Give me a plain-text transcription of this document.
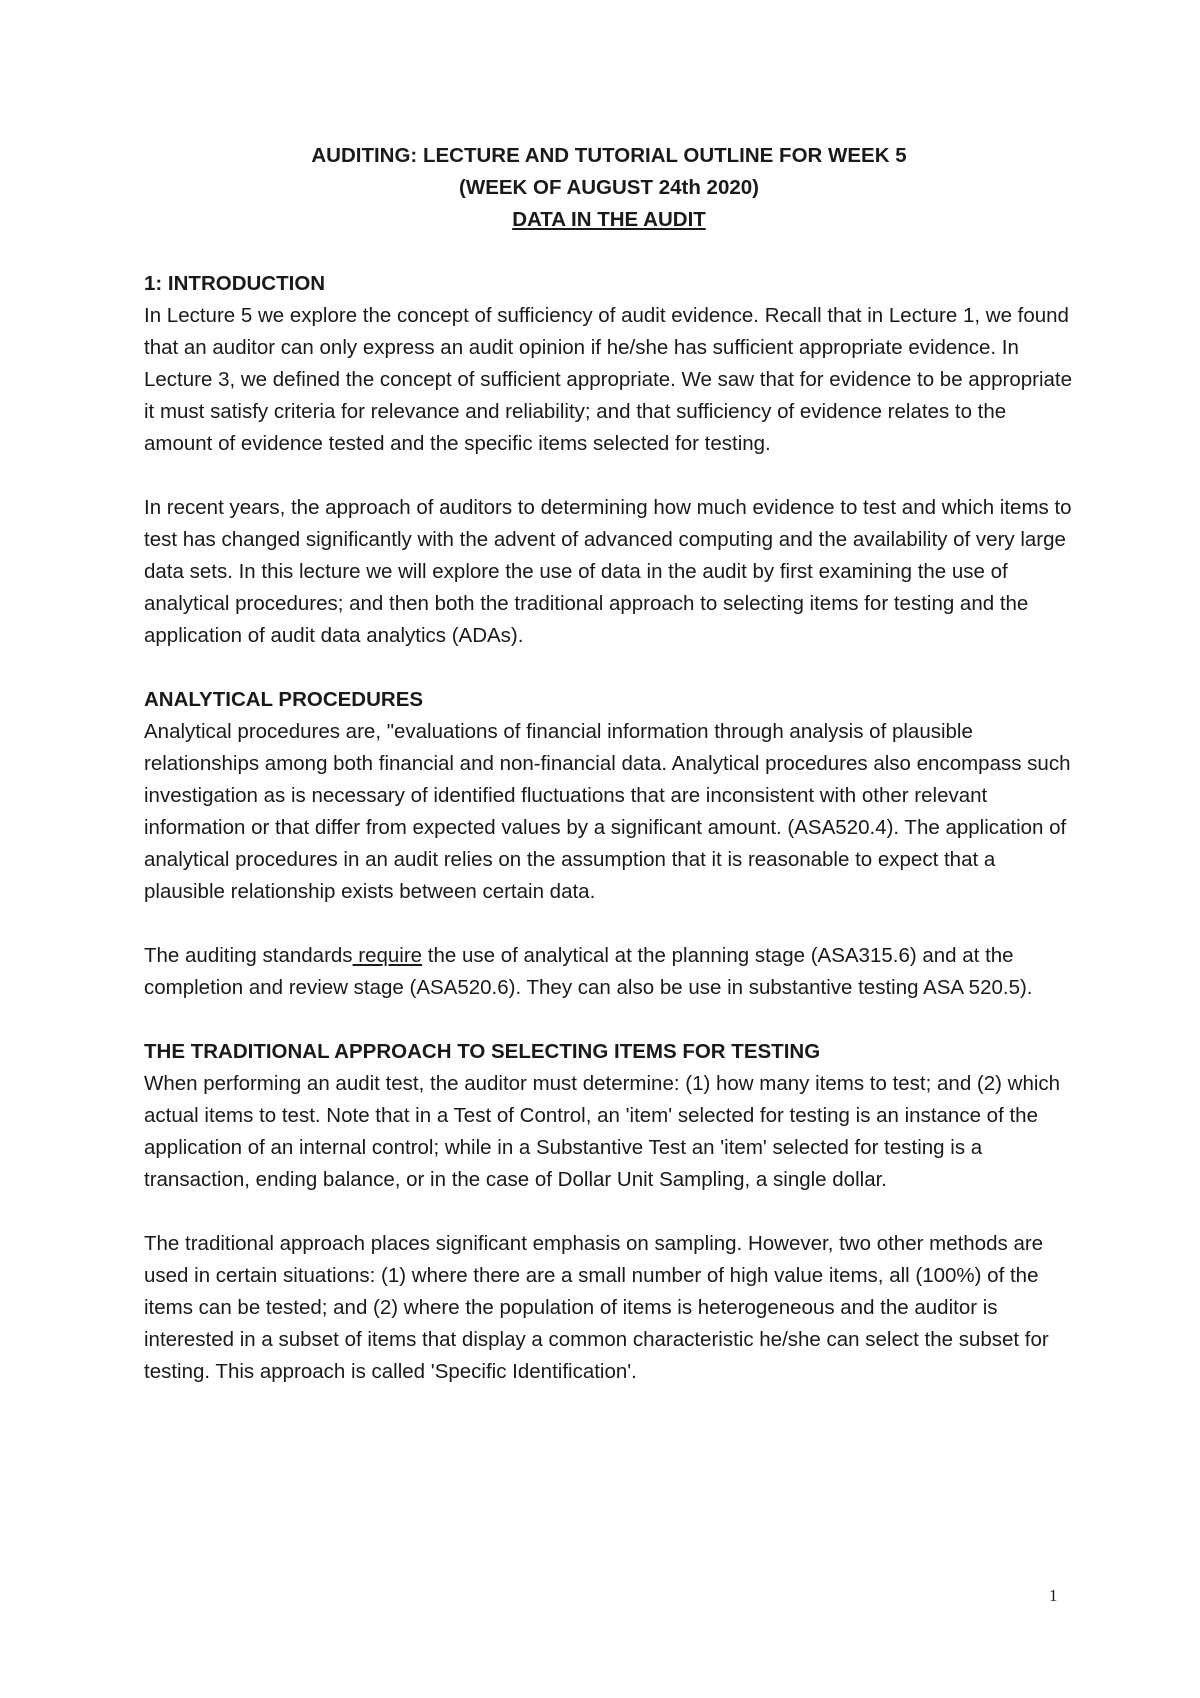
AUDITING: LECTURE AND TUTORIAL OUTLINE FOR WEEK 5
(WEEK OF AUGUST 24th 2020)
DATA IN THE AUDIT
1: INTRODUCTION

In Lecture 5 we explore the concept of sufficiency of audit evidence. Recall that in Lecture 1, we found that an auditor can only express an audit opinion if he/she has sufficient appropriate evidence. In Lecture 3, we defined the concept of sufficient appropriate. We saw that for evidence to be appropriate it must satisfy criteria for relevance and reliability; and that sufficiency of evidence relates to the amount of evidence tested and the specific items selected for testing.

In recent years, the approach of auditors to determining how much evidence to test and which items to test has changed significantly with the advent of advanced computing and the availability of very large data sets. In this lecture we will explore the use of data in the audit by first examining the use of analytical procedures; and then both the traditional approach to selecting items for testing and the application of audit data analytics (ADAs).

ANALYTICAL PROCEDURES

Analytical procedures are, "evaluations of financial information through analysis of plausible relationships among both financial and non-financial data. Analytical procedures also encompass such investigation as is necessary of identified fluctuations that are inconsistent with other relevant information or that differ from expected values by a significant amount. (ASA520.4). The application of analytical procedures in an audit relies on the assumption that it is reasonable to expect that a plausible relationship exists between certain data.

The auditing standards require the use of analytical at the planning stage (ASA315.6) and at the completion and review stage (ASA520.6). They can also be use in substantive testing ASA 520.5).

THE TRADITIONAL APPROACH TO SELECTING ITEMS FOR TESTING

When performing an audit test, the auditor must determine: (1) how many items to test; and (2) which actual items to test. Note that in a Test of Control, an 'item' selected for testing is an instance of the application of an internal control; while in a Substantive Test an 'item' selected for testing is a transaction, ending balance, or in the case of Dollar Unit Sampling, a single dollar.

The traditional approach places significant emphasis on sampling. However, two other methods are used in certain situations: (1) where there are a small number of high value items, all (100%) of the items can be tested; and (2) where the population of items is heterogeneous and the auditor is interested in a subset of items that display a common characteristic he/she can select the subset for testing. This approach is called 'Specific Identification'.

1
